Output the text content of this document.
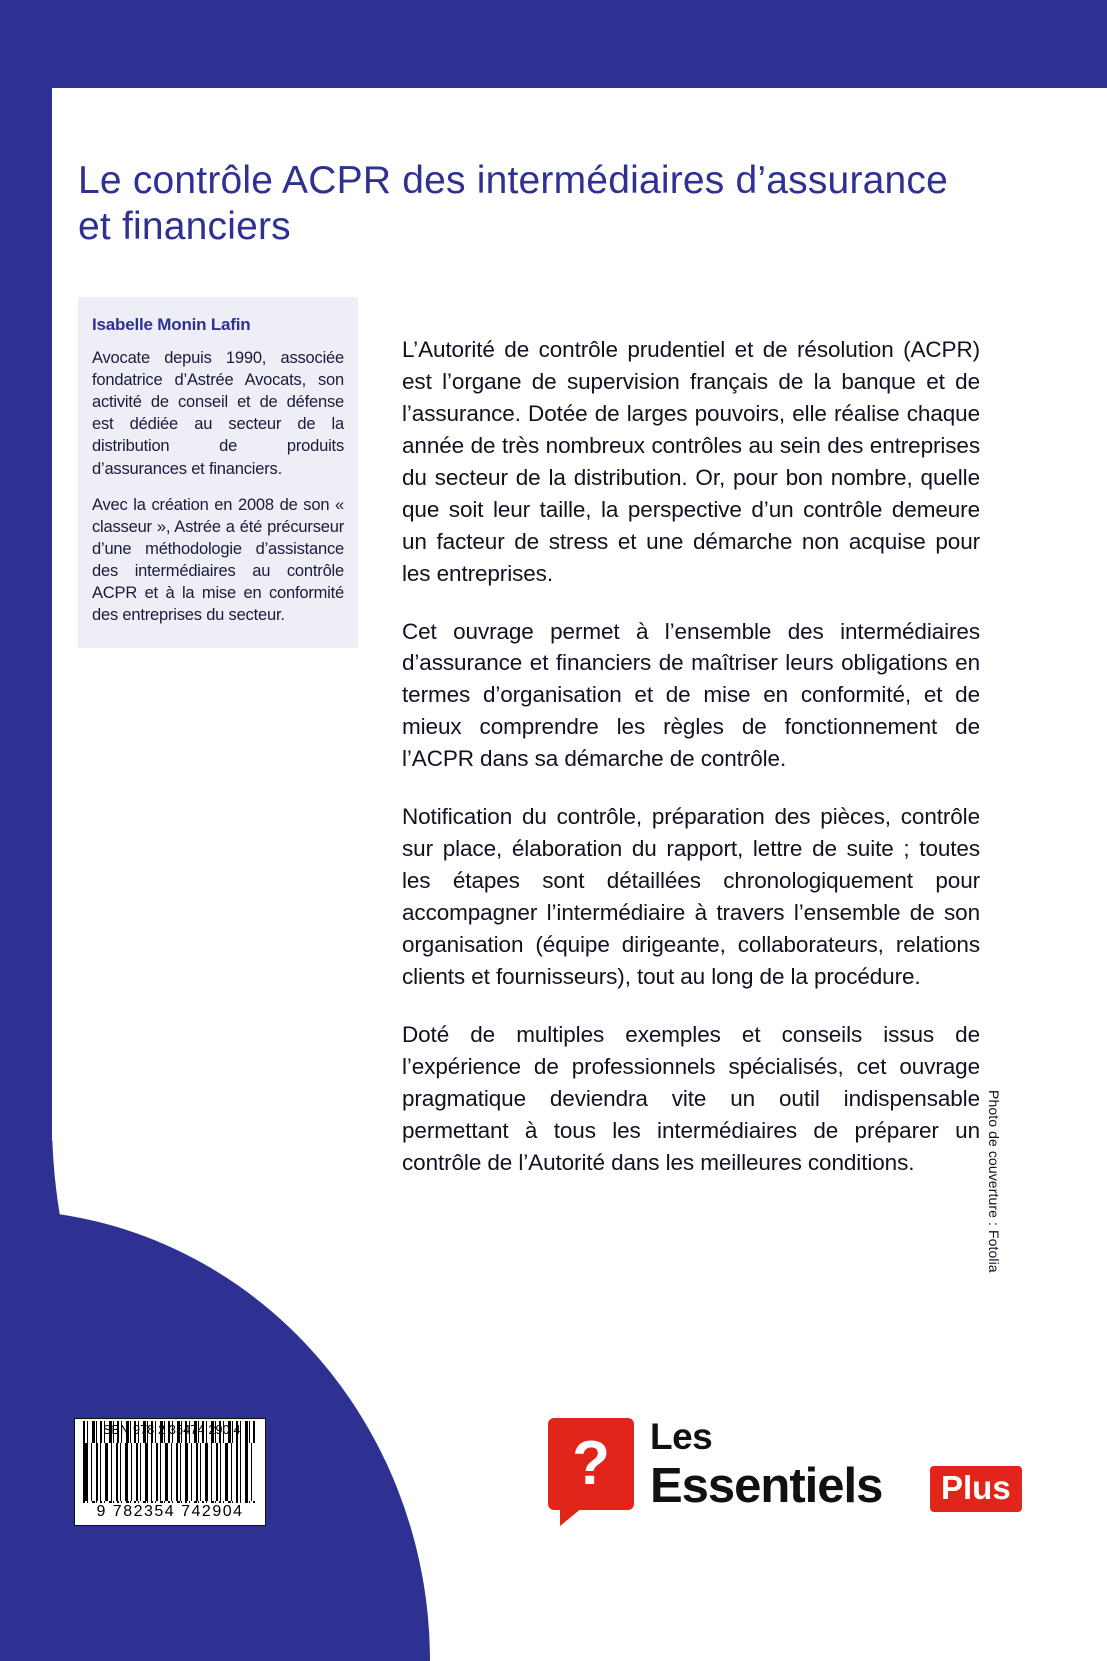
Le contrôle ACPR des intermédiaires d’assurance et financiers
Isabelle Monin Lafin

Avocate depuis 1990, associée fondatrice d’Astrée Avocats, son activité de conseil et de défense est dédiée au secteur de la distribution de produits d’assurances et financiers.

Avec la création en 2008 de son « classeur », Astrée a été précurseur d’une méthodologie d’assistance des intermédiaires au contrôle ACPR et à la mise en conformité des entreprises du secteur.

L’Autorité de contrôle prudentiel et de résolution (ACPR) est l’organe de supervision français de la banque et de l’assurance. Dotée de larges pouvoirs, elle réalise chaque année de très nombreux contrôles au sein des entreprises du secteur de la distribution. Or, pour bon nombre, quelle que soit leur taille, la perspective d’un contrôle demeure un facteur de stress et une démarche non acquise pour les entreprises.

Cet ouvrage permet à l’ensemble des intermédiaires d’assurance et financiers de maîtriser leurs obligations en termes d’organisation et de mise en conformité, et de mieux comprendre les règles de fonctionnement de l’ACPR dans sa démarche de contrôle.

Notification du contrôle, préparation des pièces, contrôle sur place, élaboration du rapport, lettre de suite ; toutes les étapes sont détaillées chronologiquement pour accompagner l’intermédiaire à travers l’ensemble de son organisation (équipe dirigeante, collaborateurs, relations clients et fournisseurs), tout au long de la procédure.

Doté de multiples exemples et conseils issus de l’expérience de professionnels spécialisés, cet ouvrage pragmatique deviendra vite un outil indispensable permettant à tous les intermédiaires de préparer un contrôle de l’Autorité dans les meilleures conditions.	Photo de couverture : Fotolia
ISBN 978 2 35474 290 4
9 782354 742904
?	Les
Essentiels	Plus
